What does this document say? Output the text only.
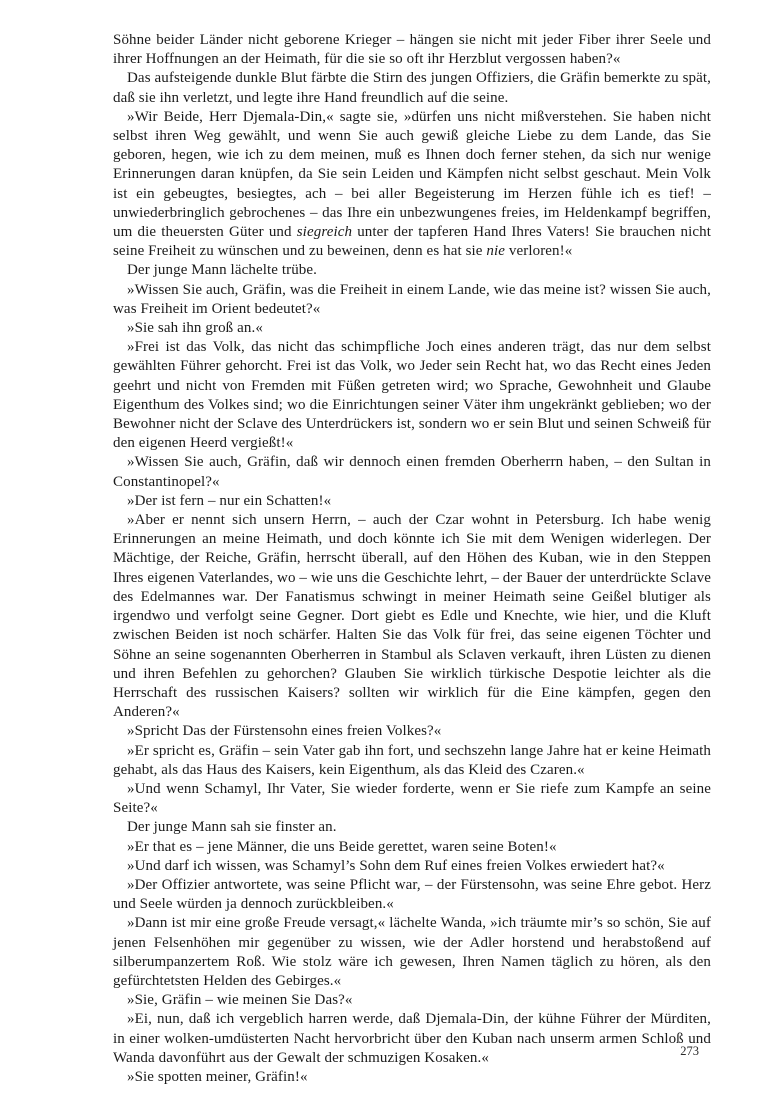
Söhne beider Länder nicht geborene Krieger – hängen sie nicht mit jeder Fiber ihrer Seele und ihrer Hoffnungen an der Heimath, für die sie so oft ihr Herzblut vergossen haben?«

Das aufsteigende dunkle Blut färbte die Stirn des jungen Offiziers, die Gräfin bemerkte zu spät, daß sie ihn verletzt, und legte ihre Hand freundlich auf die seine.

»Wir Beide, Herr Djemala-Din,« sagte sie, »dürfen uns nicht mißverstehen. Sie haben nicht selbst ihren Weg gewählt, und wenn Sie auch gewiß gleiche Liebe zu dem Lande, das Sie geboren, hegen, wie ich zu dem meinen, muß es Ihnen doch ferner stehen, da sich nur wenige Erinnerungen daran knüpfen, da Sie sein Leiden und Kämpfen nicht selbst geschaut. Mein Volk ist ein gebeugtes, besiegtes, ach – bei aller Begeisterung im Herzen fühle ich es tief! – unwiederbringlich gebrochenes – das Ihre ein unbezwungenes freies, im Heldenkampf begriffen, um die theuersten Güter und siegreich unter der tapferen Hand Ihres Vaters! Sie brauchen nicht seine Freiheit zu wünschen und zu beweinen, denn es hat sie nie verloren!«

Der junge Mann lächelte trübe.

»Wissen Sie auch, Gräfin, was die Freiheit in einem Lande, wie das meine ist? wissen Sie auch, was Freiheit im Orient bedeutet?«

»Sie sah ihn groß an.«

»Frei ist das Volk, das nicht das schimpfliche Joch eines anderen trägt, das nur dem selbst gewählten Führer gehorcht. Frei ist das Volk, wo Jeder sein Recht hat, wo das Recht eines Jeden geehrt und nicht von Fremden mit Füßen getreten wird; wo Sprache, Gewohnheit und Glaube Eigenthum des Volkes sind; wo die Einrichtungen seiner Väter ihm ungekränkt geblieben; wo der Bewohner nicht der Sclave des Unterdrückers ist, sondern wo er sein Blut und seinen Schweiß für den eigenen Heerd vergießt!«

»Wissen Sie auch, Gräfin, daß wir dennoch einen fremden Oberherrn haben, – den Sultan in Constantinopel?«

»Der ist fern – nur ein Schatten!«

»Aber er nennt sich unsern Herrn, – auch der Czar wohnt in Petersburg. Ich habe wenig Erinnerungen an meine Heimath, und doch könnte ich Sie mit dem Wenigen widerlegen. Der Mächtige, der Reiche, Gräfin, herrscht überall, auf den Höhen des Kuban, wie in den Steppen Ihres eigenen Vaterlandes, wo – wie uns die Geschichte lehrt, – der Bauer der unterdrückte Sclave des Edelmannes war. Der Fanatismus schwingt in meiner Heimath seine Geißel blutiger als irgendwo und verfolgt seine Gegner. Dort giebt es Edle und Knechte, wie hier, und die Kluft zwischen Beiden ist noch schärfer. Halten Sie das Volk für frei, das seine eigenen Töchter und Söhne an seine sogenannten Oberherren in Stambul als Sclaven verkauft, ihren Lüsten zu dienen und ihren Befehlen zu gehorchen? Glauben Sie wirklich türkische Despotie leichter als die Herrschaft des russischen Kaisers? sollten wir wirklich für die Eine kämpfen, gegen den Anderen?«

»Spricht Das der Fürstensohn eines freien Volkes?«

»Er spricht es, Gräfin – sein Vater gab ihn fort, und sechszehn lange Jahre hat er keine Heimath gehabt, als das Haus des Kaisers, kein Eigenthum, als das Kleid des Czaren.«

»Und wenn Schamyl, Ihr Vater, Sie wieder forderte, wenn er Sie riefe zum Kampfe an seine Seite?«

Der junge Mann sah sie finster an.

»Er that es – jene Männer, die uns Beide gerettet, waren seine Boten!«

»Und darf ich wissen, was Schamyl’s Sohn dem Ruf eines freien Volkes erwiedert hat?«

»Der Offizier antwortete, was seine Pflicht war, – der Fürstensohn, was seine Ehre gebot. Herz und Seele würden ja dennoch zurückbleiben.«

»Dann ist mir eine große Freude versagt,« lächelte Wanda, »ich träumte mir’s so schön, Sie auf jenen Felsenhöhen mir gegenüber zu wissen, wie der Adler horstend und herabstoßend auf silberumpanzertem Roß. Wie stolz wäre ich gewesen, Ihren Namen täglich zu hören, als den gefürchtetsten Helden des Gebirges.«

»Sie, Gräfin – wie meinen Sie Das?«

»Ei, nun, daß ich vergeblich harren werde, daß Djemala-Din, der kühne Führer der Mürditen, in einer wolken-umdüsterten Nacht hervorbricht über den Kuban nach unserm armen Schloß und Wanda davonführt aus der Gewalt der schmuzigen Kosaken.«

»Sie spotten meiner, Gräfin!«

273
